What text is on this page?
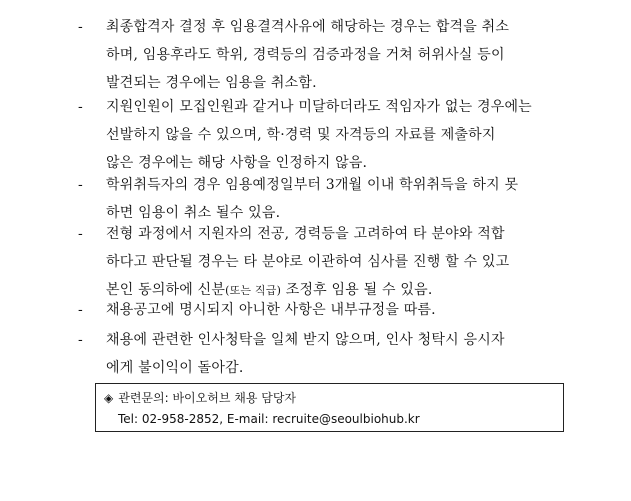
- 최종합격자 결정 후 임용결격사유에 해당하는 경우는 합격을 취소
하며, 임용후라도 학위, 경력등의 검증과정을 거쳐 허위사실 등이
발견되는 경우에는 임용을 취소함.
- 지원인원이 모집인원과 같거나 미달하더라도 적임자가 없는 경우에는
선발하지 않을 수 있으며, 학·경력 및 자격등의 자료를 제출하지
않은 경우에는 해당 사항을 인정하지 않음.
- 학위취득자의 경우 임용예정일부터 3개월 이내 학위취득을 하지 못
하면 임용이 취소 될수 있음.
- 전형 과정에서 지원자의 전공, 경력등을 고려하여 타 분야와 적합
하다고 판단될 경우는 타 분야로 이관하여 심사를 진행 할 수 있고
본인 동의하에 신분(또는 직급) 조정후 임용 될 수 있음.
- 채용공고에 명시되지 아니한 사항은 내부규정을 따름.
- 채용에 관련한 인사청탁을 일체 받지 않으며, 인사 청탁시 응시자
에게 불이익이 돌아감.
◈ 관련문의: 바이오허브 채용 담당자
Tel: 02-958-2852, E-mail: recruite@seoulbiohub.kr
